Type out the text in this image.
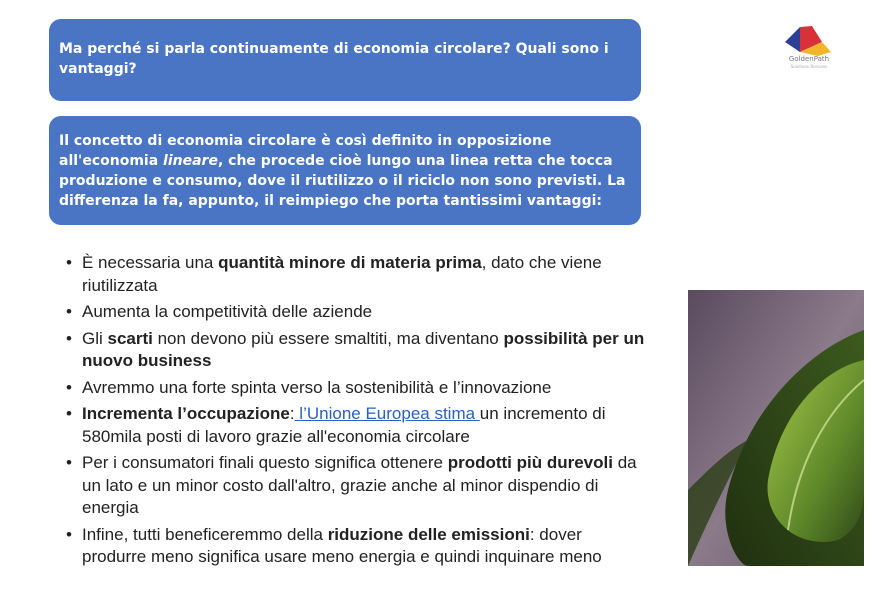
Ma perché si parla continuamente di economia circolare? Quali sono i vantaggi?

Il concetto di economia circolare è così definito in opposizione all'economia lineare, che procede cioè lungo una linea retta che tocca produzione e consumo, dove il riutilizzo o il riciclo non sono previsti. La differenza la fa, appunto, il reimpiego che porta tantissimi vantaggi:

GoldenPath
Solutions Bonuses
• È necessaria una quantità minore di materia prima, dato che viene riutilizzata
• Aumenta la competitività delle aziende
• Gli scarti non devono più essere smaltiti, ma diventano possibilità per un nuovo business
• Avremmo una forte spinta verso la sostenibilità e l’innovazione
• Incrementa l’occupazione: l’Unione Europea stima un incremento di 580mila posti di lavoro grazie all'economia circolare
• Per i consumatori finali questo significa ottenere prodotti più durevoli da un lato e un minor costo dall'altro, grazie anche al minor dispendio di energia
• Infine, tutti beneficeremmo della riduzione delle emissioni: dover produrre meno significa usare meno energia e quindi inquinare meno
